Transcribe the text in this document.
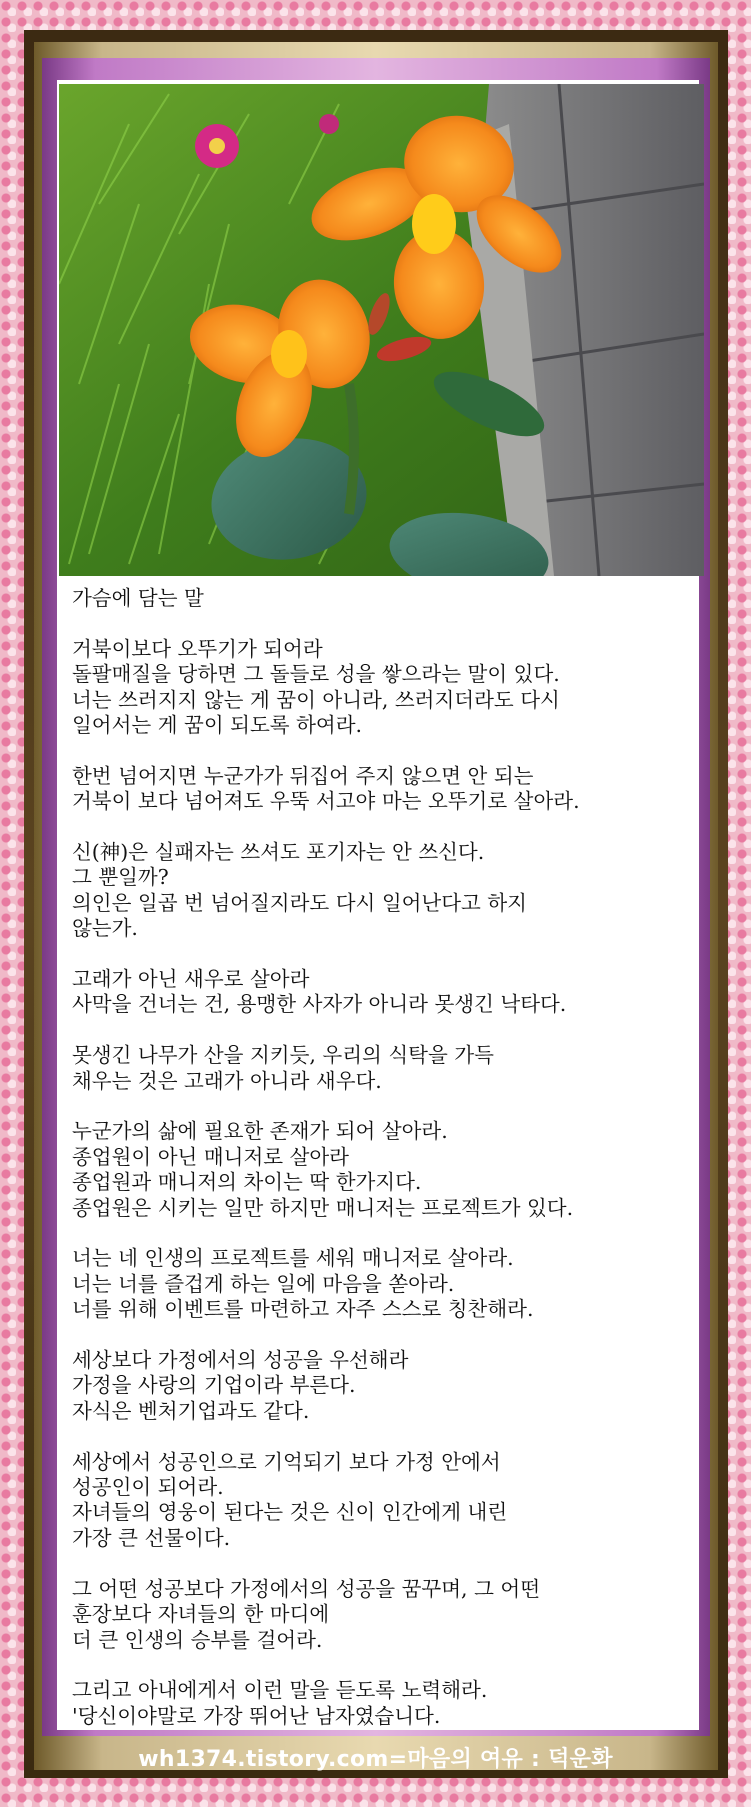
가슴에 담는 말

거북이보다 오뚜기가 되어라
돌팔매질을 당하면 그 돌들로 성을 쌓으라는 말이 있다.
너는 쓰러지지 않는 게 꿈이 아니라, 쓰러지더라도 다시
일어서는 게 꿈이 되도록 하여라.

한번 넘어지면 누군가가 뒤집어 주지 않으면 안 되는
거북이 보다 넘어져도 우뚝 서고야 마는 오뚜기로 살아라.

신(神)은 실패자는 쓰셔도 포기자는 안 쓰신다.
그 뿐일까?
의인은 일곱 번 넘어질지라도 다시 일어난다고 하지
않는가.

고래가 아닌 새우로 살아라
사막을 건너는 건, 용맹한 사자가 아니라 못생긴 낙타다.

못생긴 나무가 산을 지키듯, 우리의 식탁을 가득
채우는 것은 고래가 아니라 새우다.

누군가의 삶에 필요한 존재가 되어 살아라.
종업원이 아닌 매니저로 살아라
종업원과 매니저의 차이는 딱 한가지다.
종업원은 시키는 일만 하지만 매니저는 프로젝트가 있다.

너는 네 인생의 프로젝트를 세워 매니저로 살아라.
너는 너를 즐겁게 하는 일에 마음을 쏟아라.
너를 위해 이벤트를 마련하고 자주 스스로 칭찬해라.

세상보다 가정에서의 성공을 우선해라
가정을 사랑의 기업이라 부른다.
자식은 벤처기업과도 같다.

세상에서 성공인으로 기억되기 보다 가정 안에서
성공인이 되어라.
자녀들의 영웅이 된다는 것은 신이 인간에게 내린
가장 큰 선물이다.

그 어떤 성공보다 가정에서의 성공을 꿈꾸며, 그 어떤
훈장보다 자녀들의 한 마디에
더 큰 인생의 승부를 걸어라.

그리고 아내에게서 이런 말을 듣도록 노력해라.
'당신이야말로 가장 뛰어난 남자였습니다.

wh1374.tistory.com=마음의 여유 : 덕운화
